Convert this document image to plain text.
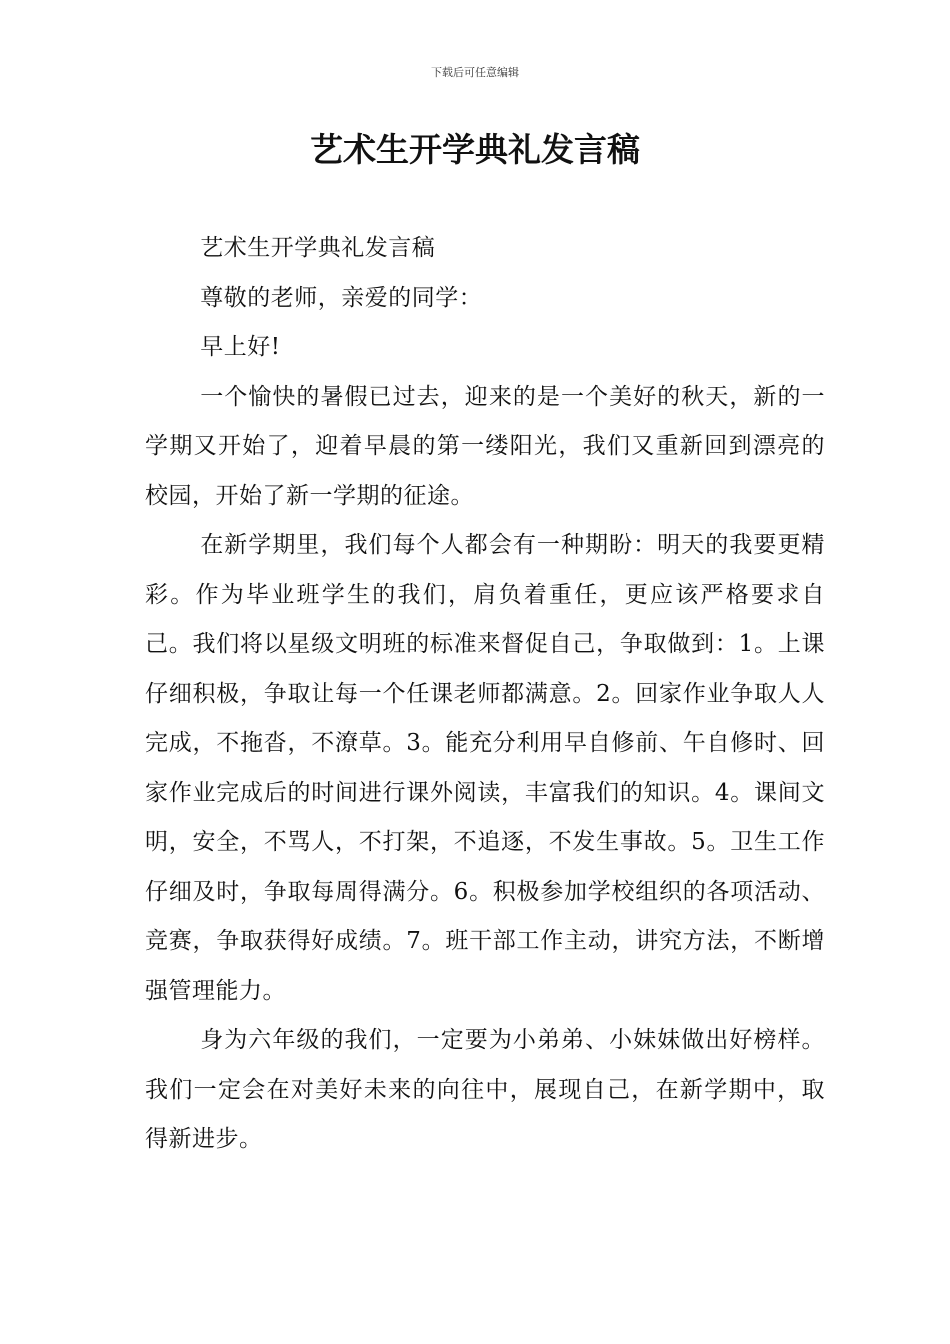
下载后可任意编辑
艺术生开学典礼发言稿

艺术生开学典礼发言稿

尊敬的老师，亲爱的同学：

早上好!

一个愉快的暑假已过去，迎来的是一个美好的秋天，新的一学期又开始了，迎着早晨的第一缕阳光，我们又重新回到漂亮的校园，开始了新一学期的征途。

在新学期里，我们每个人都会有一种期盼：明天的我要更精彩。作为毕业班学生的我们，肩负着重任，更应该严格要求自己。我们将以星级文明班的标准来督促自己，争取做到：1。上课仔细积极，争取让每一个任课老师都满意。2。回家作业争取人人完成，不拖沓，不潦草。3。能充分利用早自修前、午自修时、回家作业完成后的时间进行课外阅读，丰富我们的知识。4。课间文明，安全，不骂人，不打架，不追逐，不发生事故。5。卫生工作仔细及时，争取每周得满分。6。积极参加学校组织的各项活动、竞赛，争取获得好成绩。7。班干部工作主动，讲究方法，不断增强管理能力。

身为六年级的我们，一定要为小弟弟、小妹妹做出好榜样。我们一定会在对美好未来的向往中，展现自己，在新学期中，取得新进步。
